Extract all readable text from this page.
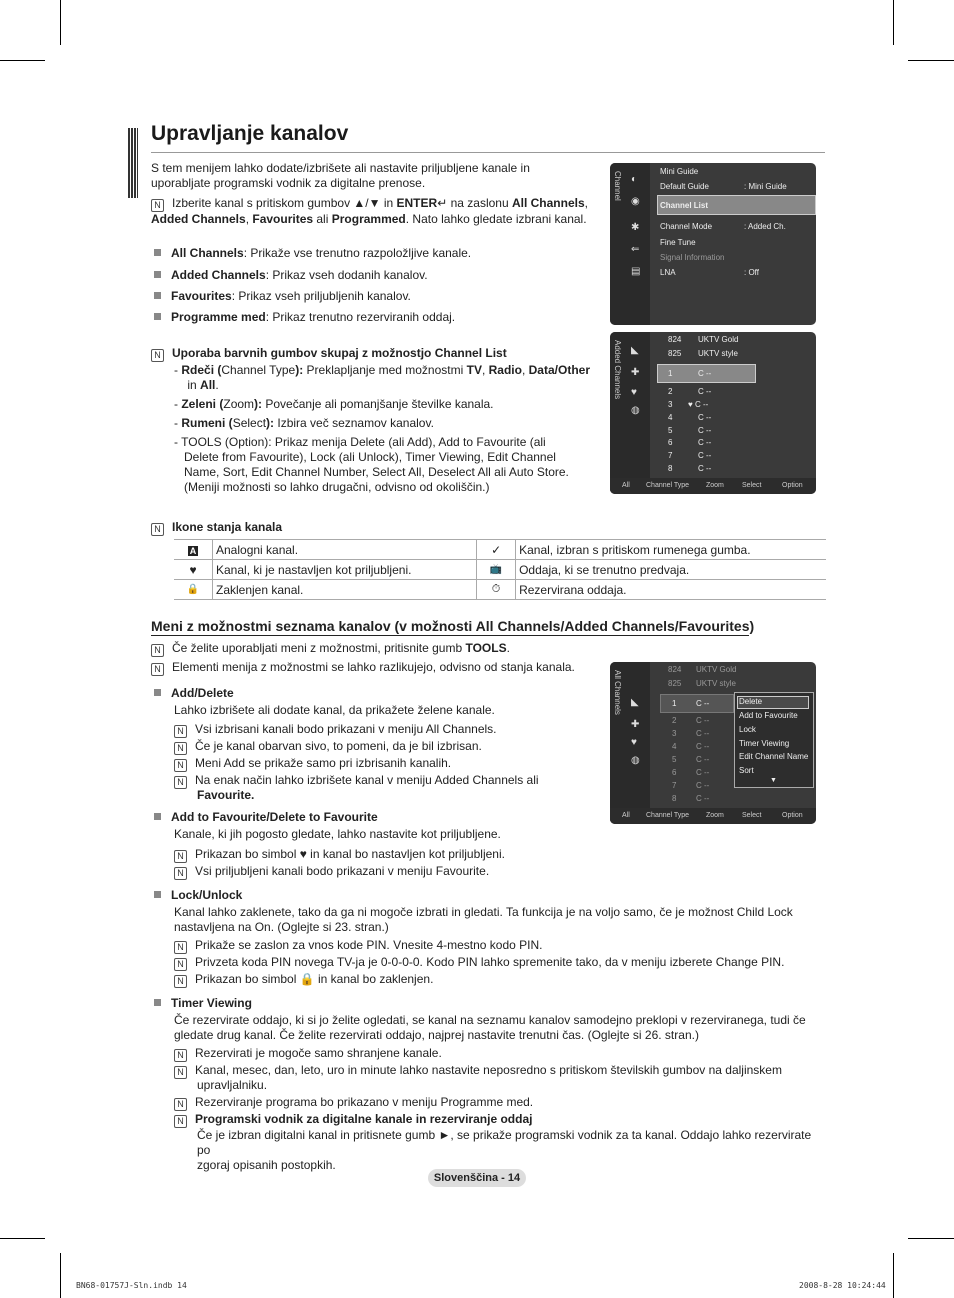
Upravljanje kanalov
S tem menijem lahko dodate/izbrišete ali nastavite priljubljene kanale in uporabljate programski vodnik za digitalne prenose.
N Izberite kanal s pritiskom gumbov ▲/▼ in ENTER↵ na zaslonu All Channels, Added Channels, Favourites ali Programmed. Nato lahko gledate izbrani kanal.
All Channels: Prikaže vse trenutno razpoložljive kanale.
Added Channels: Prikaz vseh dodanih kanalov.
Favourites: Prikaz vseh priljubljenih kanalov.
Programme med: Prikaz trenutno rezerviranih oddaj.
N Uporaba barvnih gumbov skupaj z možnostjo Channel List
- Rdeči (Channel Type): Preklapljanje med možnostmi TV, Radio, Data/Other
in All.
- Zeleni (Zoom): Povečanje ali pomanjšanje številke kanala.
- Rumeni (Select): Izbira več seznamov kanalov.
- TOOLS (Option): Prikaz menija Delete (ali Add), Add to Favourite (ali
Delete from Favourite), Lock (ali Unlock), Timer Viewing, Edit Channel
Name, Sort, Edit Channel Number, Select All, Deselect All ali Auto Store.
(Meniji možnosti so lahko drugačni, odvisno od okoliščin.)
Channel ◐
◉
✱
⇐
▤
Mini Guide
Default Guide	: Mini Guide
Channel List
Channel Mode	: Added Ch.
Fine Tune
Signal Information
LNA	: Off
Added Channels ◣
✚
♥
◍
824 UKTV Gold
825 UKTV style
1	C --
2	C --
3 ♥ C --
4	C --
5	C --
6	C --
7	C --
8	C --
All Channel Type Zoom	Select	Option
N Ikone stanja kanala
A	Analogni kanal.	✓	Kanal, izbran s pritiskom rumenega gumba.
♥	Kanal, ki je nastavljen kot priljubljeni.	📺	Oddaja, ki se trenutno predvaja.
🔒	Zaklenjen kanal.	⏱	Rezervirana oddaja.
Meni z možnostmi seznama kanalov (v možnosti All Channels/Added Channels/Favourites)
N Če želite uporabljati meni z možnostmi, pritisnite gumb TOOLS.
N Elementi menija z možnostmi se lahko razlikujejo, odvisno od stanja kanala.
Add/Delete
Lahko izbrišete ali dodate kanal, da prikažete želene kanale.
N Vsi izbrisani kanali bodo prikazani v meniju All Channels.
N Če je kanal obarvan sivo, to pomeni, da je bil izbrisan.
N Meni Add se prikaže samo pri izbrisanih kanalih.
N Na enak način lahko izbrišete kanal v meniju Added Channels ali
Favourite.
All Channels ◣
✚
♥
◍
824 UKTV Gold
825 UKTV style
1 C --
2 C --
3 C --
4 C --
5 C --
6 C --
7 C --
8 C --
Delete
Add to Favourite
Lock
Timer Viewing
Edit Channel Name
Sort
▼
All Channel Type Zoom	Select	Option
Add to Favourite/Delete to Favourite
Kanale, ki jih pogosto gledate, lahko nastavite kot priljubljene.
N Prikazan bo simbol ♥ in kanal bo nastavljen kot priljubljeni.
N Vsi priljubljeni kanali bodo prikazani v meniju Favourite.
Lock/Unlock
Kanal lahko zaklenete, tako da ga ni mogoče izbrati in gledati. Ta funkcija je na voljo samo, če je možnost Child Lock
nastavljena na On. (Oglejte si 23. stran.)
N Prikaže se zaslon za vnos kode PIN. Vnesite 4-mestno kodo PIN.
N Privzeta koda PIN novega TV-ja je 0-0-0-0. Kodo PIN lahko spremenite tako, da v meniju izberete Change PIN.
N Prikazan bo simbol 🔒 in kanal bo zaklenjen.
Timer Viewing
Če rezervirate oddajo, ki si jo želite ogledati, se kanal na seznamu kanalov samodejno preklopi v rezerviranega, tudi če
gledate drug kanal. Če želite rezervirati oddajo, najprej nastavite trenutni čas. (Oglejte si 26. stran.)
N Rezervirati je mogoče samo shranjene kanale.
N Kanal, mesec, dan, leto, uro in minute lahko nastavite neposredno s pritiskom številskih gumbov na daljinskem
upravljalniku.
N Rezerviranje programa bo prikazano v meniju Programme med.
N Programski vodnik za digitalne kanale in rezerviranje oddaj
Če je izbran digitalni kanal in pritisnete gumb ►, se prikaže programski vodnik za ta kanal. Oddajo lahko rezervirate po
zgoraj opisanih postopkih.
Slovenščina - 14
BN68-01757J-Sln.indb 14	2008-8-28 10:24:44
